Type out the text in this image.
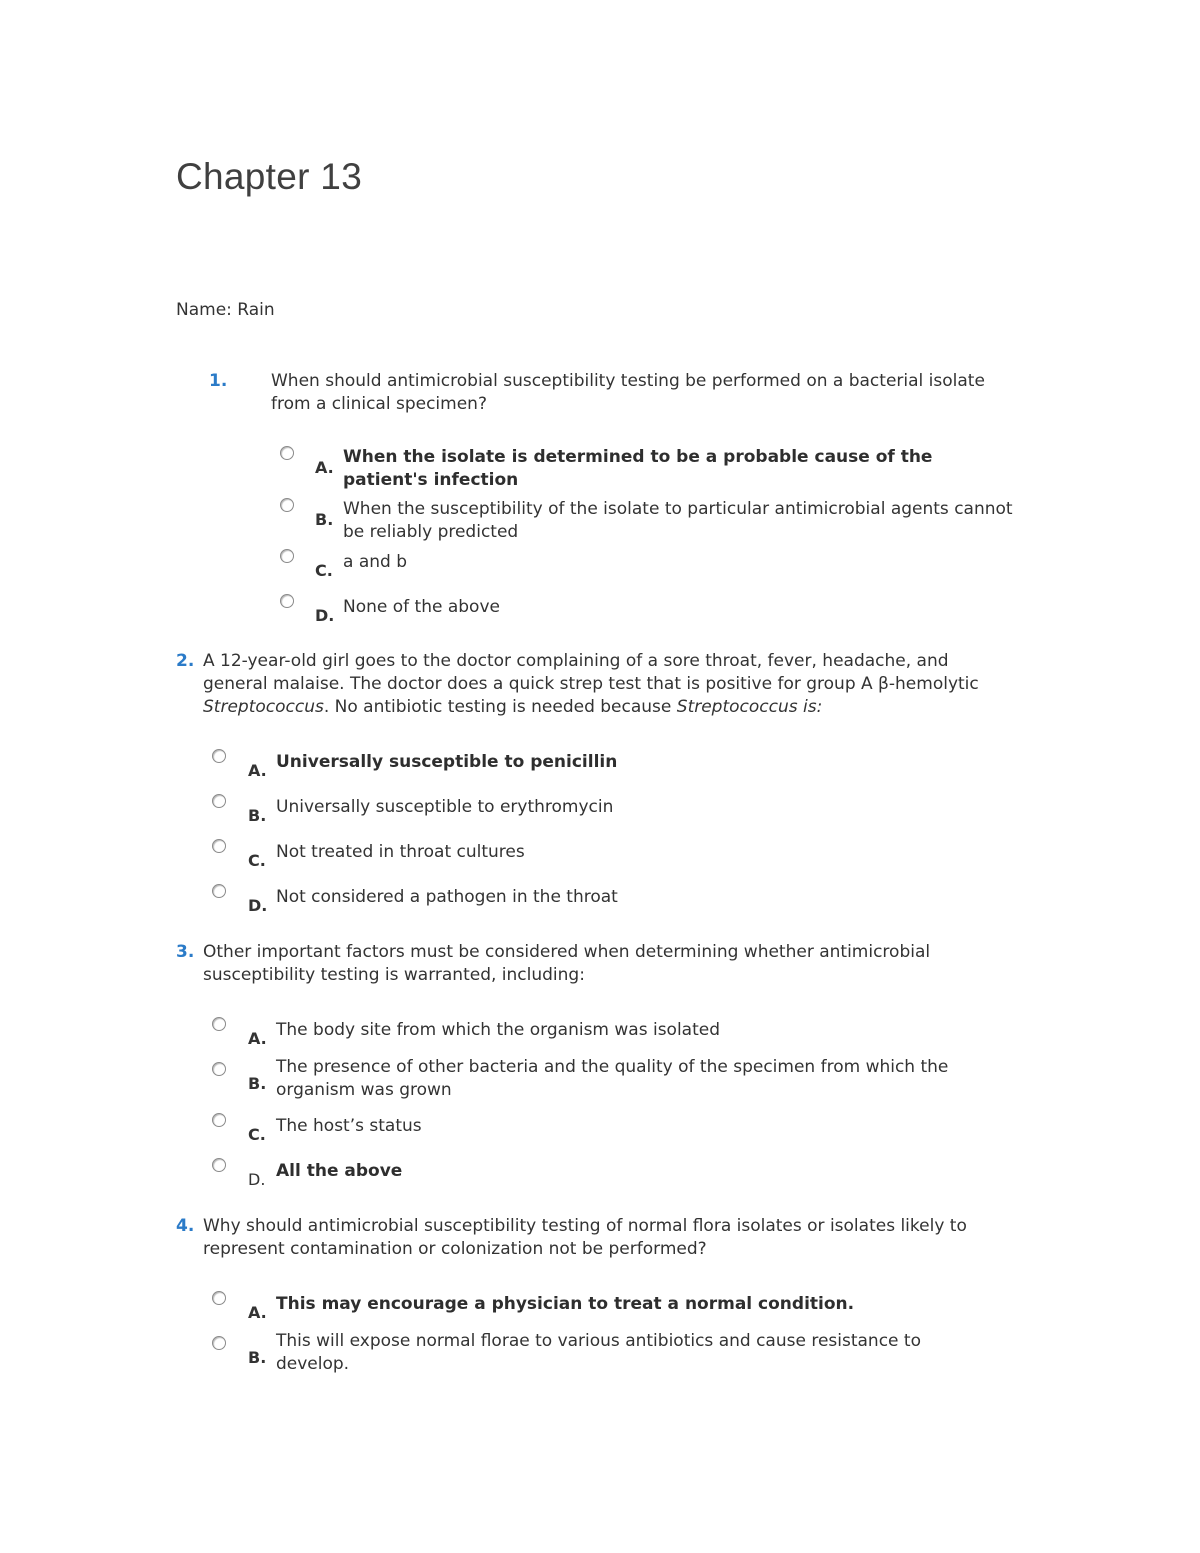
Chapter 13
Name: Rain
1.	When should antimicrobial susceptibility testing be performed on a bacterial isolate from a clinical specimen?
A.
When the isolate is determined to be a probable cause of the patient's infection
B.
When the susceptibility of the isolate to particular antimicrobial agents cannot be reliably predicted
C. a and b
D. None of the above
2. A 12-year-old girl goes to the doctor complaining of a sore throat, fever, headache, and general malaise. The doctor does a quick strep test that is positive for group A β-hemolytic Streptococcus. No antibiotic testing is needed because Streptococcus is:
A. Universally susceptible to penicillin
B. Universally susceptible to erythromycin
C. Not treated in throat cultures
D. Not considered a pathogen in the throat
3. Other important factors must be considered when determining whether antimicrobial susceptibility testing is warranted, including:
A. The body site from which the organism was isolated
B.
The presence of other bacteria and the quality of the specimen from which the organism was grown
C. The host’s status
D. All the above
4. Why should antimicrobial susceptibility testing of normal flora isolates or isolates likely to represent contamination or colonization not be performed?
A. This may encourage a physician to treat a normal condition.
B.
This will expose normal florae to various antibiotics and cause resistance to develop.
